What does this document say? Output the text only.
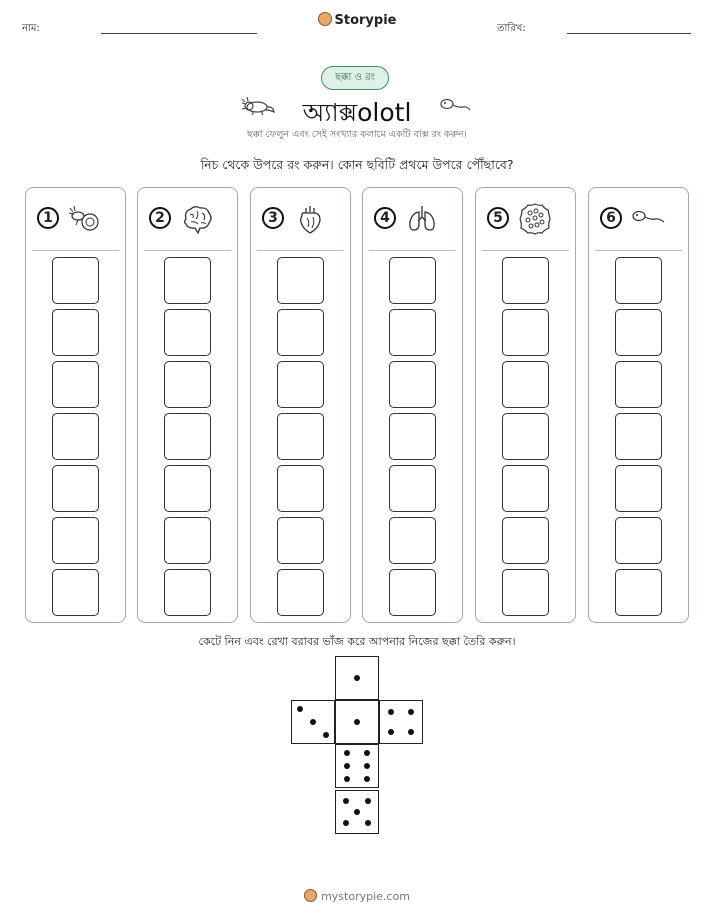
নাম:
Storypie
তারিখ:
ছক্কা ও রং
অ্যাক্সolotl
ছক্কা ফেলুন এবং সেই সংখ্যার কলামে একটি বাক্স রং করুন।
নিচ থেকে উপরে রং করুন। কোন ছবিটি প্রথমে উপরে পৌঁছাবে?
1	2	3	4	5	6
কেটে নিন এবং রেখা বরাবর ভাঁজ করে আপনার নিজের ছক্কা তৈরি করুন।
mystorypie.com
